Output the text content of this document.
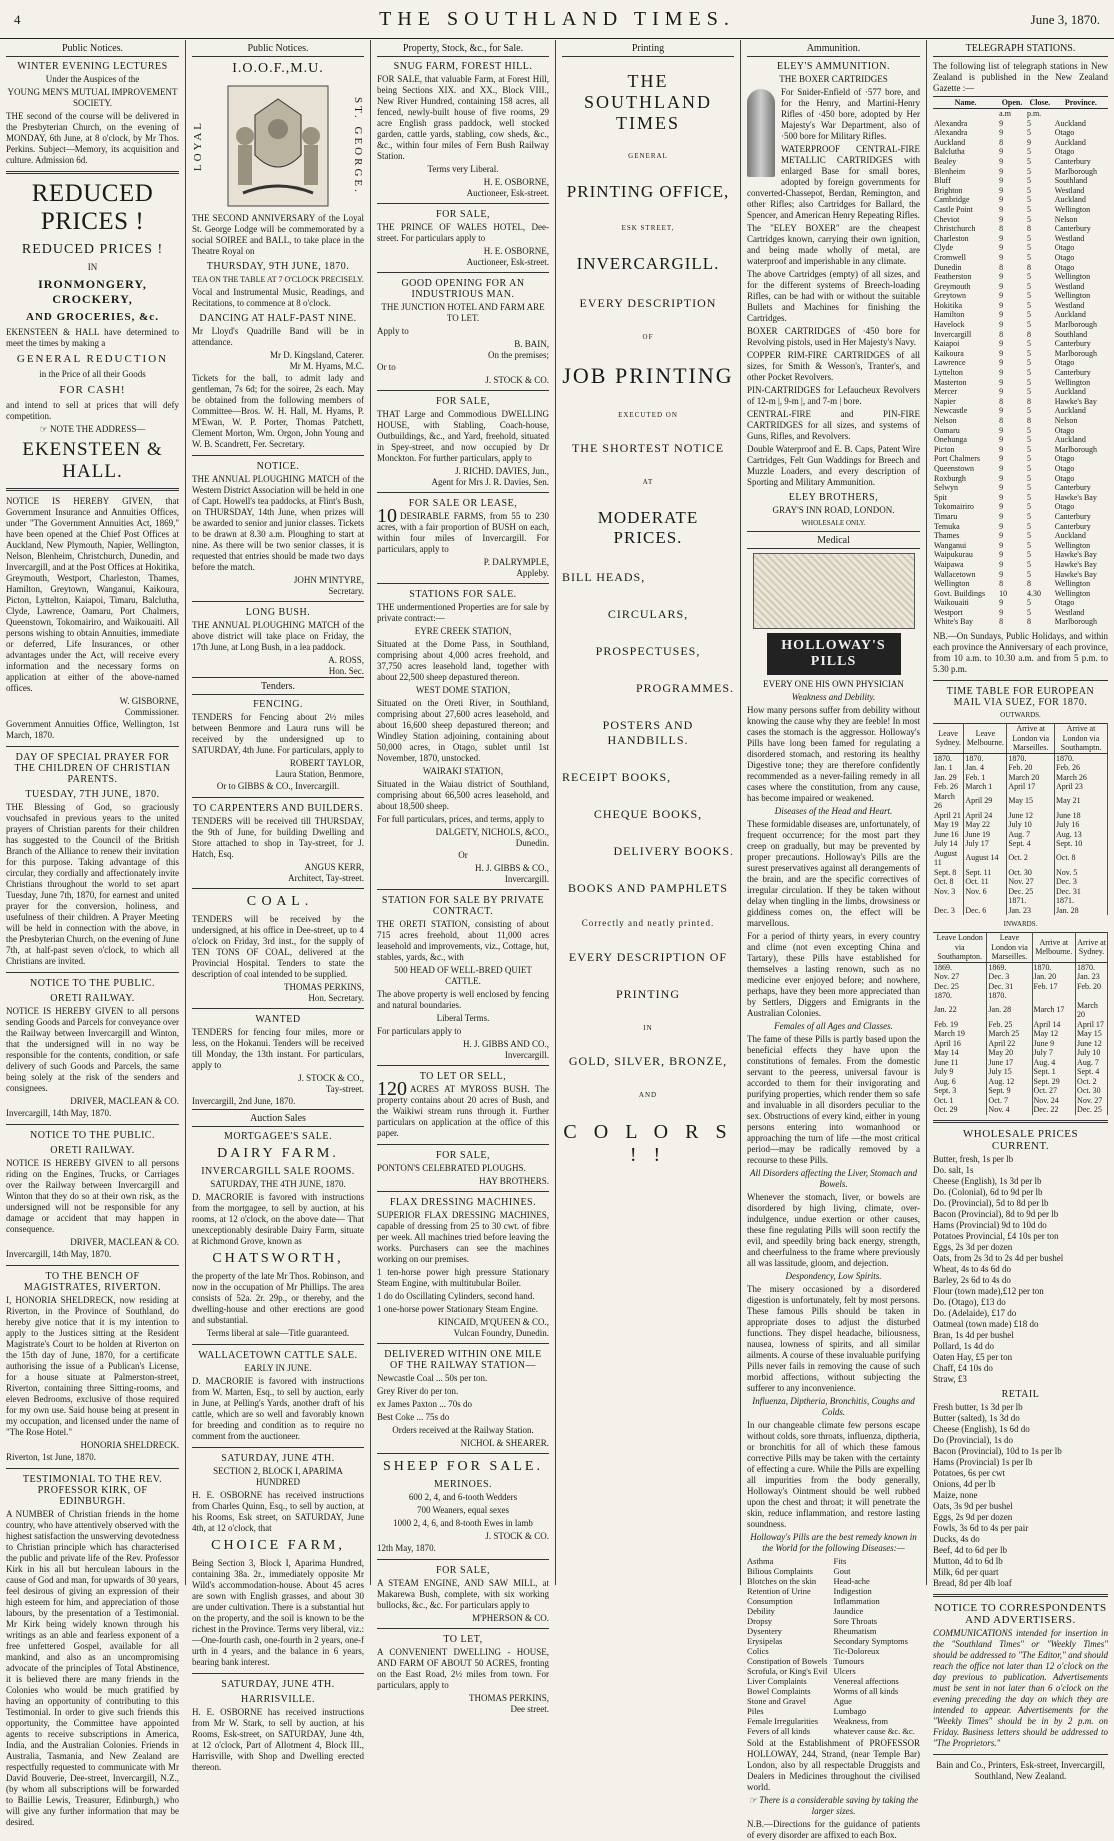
4	THE SOUTHLAND TIMES.	June 3, 1870.
Public Notices.
WINTER EVENING LECTURES
Under the Auspices of the
YOUNG MEN'S MUTUAL IMPROVEMENT SOCIETY.
THE second of the course will be delivered in the Presbyterian Church, on the evening of MONDAY, 6th June, at 8 o'clock, by Mr Thos. Perkins. Subject—Memory, its acquisition and culture. Admission 6d.
REDUCED PRICES !
REDUCED PRICES !
IN
IRONMONGERY, CROCKERY,
AND GROCERIES, &c.
EKENSTEEN & HALL have determined to meet the times by making a
GENERAL REDUCTION
in the Price of all their Goods
FOR CASH!
and intend to sell at prices that will defy competition.
☞ NOTE THE ADDRESS—
EKENSTEEN & HALL.
NOTICE IS HEREBY GIVEN, that Government Insurance and Annuities Offices, under "The Government Annuities Act, 1869," have been opened at the Chief Post Offices at Auckland, New Plymouth, Napier, Wellington, Nelson, Blenheim, Christchurch, Dunedin, and Invercargill, and at the Post Offices at Hokitika, Greymouth, Westport, Charleston, Thames, Hamilton, Greytown, Wanganui, Kaikoura, Picton, Lyttelton, Kaiapoi, Timaru, Balclutha, Clyde, Lawrence, Oamaru, Port Chalmers, Queenstown, Tokomairiro, and Waikouaiti. All persons wishing to obtain Annuities, immediate or deferred, Life Insurances, or other advantages under the Act, will receive every information and the necessary forms on application at either of the above-named offices.
W. GISBORNE,
Commissioner.
Government Annuities Office, Wellington, 1st March, 1870.
DAY OF SPECIAL PRAYER FOR THE CHILDREN OF CHRISTIAN PARENTS.
TUESDAY, 7TH JUNE, 1870.
THE Blessing of God, so graciously vouchsafed in previous years to the united prayers of Christian parents for their children has suggested to the Council of the British Branch of the Alliance to renew their invitation for this purpose. Taking advantage of this circular, they cordially and affectionately invite Christians throughout the world to set apart Tuesday, June 7th, 1870, for earnest and united prayer for the conversion, holiness, and usefulness of their children. A Prayer Meeting will be held in connection with the above, in the Presbyterian Church, on the evening of June 7th, at half-past seven o'clock, to which all Christians are invited.
NOTICE TO THE PUBLIC.
ORETI RAILWAY.
NOTICE IS HEREBY GIVEN to all persons sending Goods and Parcels for conveyance over the Railway between Invercargill and Winton, that the undersigned will in no way be responsible for the contents, condition, or safe delivery of such Goods and Parcels, the same being solely at the risk of the senders and consignees.
DRIVER, MACLEAN & CO.
Invercargill, 14th May, 1870.
NOTICE TO THE PUBLIC.
ORETI RAILWAY.
NOTICE IS HEREBY GIVEN to all persons riding on the Engines, Trucks, or Carriages over the Railway between Invercargill and Winton that they do so at their own risk, as the undersigned will not be responsible for any damage or accident that may happen in consequence.
DRIVER, MACLEAN & CO.
Invercargill, 14th May, 1870.
TO THE BENCH OF MAGISTRATES, RIVERTON.
I, HONORIA SHELDRECK, now residing at Riverton, in the Province of Southland, do hereby give notice that it is my intention to apply to the Justices sitting at the Resident Magistrate's Court to be holden at Riverton on the 15th day of June, 1870, for a certificate authorising the issue of a Publican's License, for a house situate at Palmerston-street, Riverton, containing three Sitting-rooms, and eleven Bedrooms, exclusive of those required for my own use. Said house being at present in my occupation, and licensed under the name of "The Rose Hotel."
HONORIA SHELDRECK.
Riverton, 1st June, 1870.
TESTIMONIAL TO THE REV. PROFESSOR KIRK, OF EDINBURGH.
A NUMBER of Christian friends in the home country, who have attentively observed with the highest satisfaction the unswerving devotedness to Christian principle which has characterised the public and private life of the Rev. Professor Kirk in his all but herculean labours in the cause of God and man, for upwards of 30 years, feel desirous of giving an expression of their high esteem for him, and appreciation of those labours, by the presentation of a Testimonial. Mr Kirk being widely known through his writings as an able and fearless exponent of a free unfettered Gospel, available for all mankind, and also as an uncompromising advocate of the principles of Total Abstinence, it is believed there are many friends in the Colonies who would be much gratified by having an opportunity of contributing to this Testimonial. In order to give such friends this opportunity, the Committee have appointed agents to receive subscriptions in America, India, and the Australian Colonies. Friends in Australia, Tasmania, and New Zealand are respectfully requested to communicate with Mr David Bouverie, Dee-street, Invercargill, N.Z., (by whom all subscriptions will be forwarded to Baillie Lewis, Treasurer, Edinburgh,) who will give any further information that may be desired.
Public Notices.
I.O.O.F.,M.U.
LOYAL	ST. GEORGE.
THE SECOND ANNIVERSARY of the Loyal St. George Lodge will be commemorated by a social SOIREE and BALL, to take place in the Theatre Royal on
THURSDAY, 9TH JUNE, 1870.
TEA ON THE TABLE AT 7 O'CLOCK PRECISELY.
Vocal and Instrumental Music, Readings, and Recitations, to commence at 8 o'clock.
DANCING AT HALF-PAST NINE.
Mr Lloyd's Quadrille Band will be in attendance.
Mr D. Kingsland, Caterer.
Mr M. Hyams, M.C.
Tickets for the ball, to admit lady and gentleman, 7s 6d; for the soiree, 2s each. May be obtained from the following members of Committee—Bros. W. H. Hall, M. Hyams, P. M'Ewan, W. P. Porter, Thomas Patchett, Clement Morton, Wm. Orgon, John Young and W. B. Scandrett, Fer. Secretary.
NOTICE.
THE ANNUAL PLOUGHING MATCH of the Western District Association will be held in one of Capt. Howell's tea paddocks, at Flint's Bush, on THURSDAY, 14th June, when prizes will be awarded to senior and junior classes. Tickets to be drawn at 8.30 a.m. Ploughing to start at nine. As there will be two senior classes, it is requested that entries should be made two days before the match.
JOHN M'INTYRE,
Secretary.
LONG BUSH.
THE ANNUAL PLOUGHING MATCH of the above district will take place on Friday, the 17th June, at Long Bush, in a lea paddock.
A. ROSS,
Hon. Sec.
Tenders.
FENCING.
TENDERS for Fencing about 2½ miles between Benmore and Laura runs will be received by the undersigned up to SATURDAY, 4th June. For particulars, apply to
ROBERT TAYLOR,
Laura Station, Benmore,
Or to GIBBS & CO., Invercargill.
TO CARPENTERS AND BUILDERS.
TENDERS will be received till THURSDAY, the 9th of June, for building Dwelling and Store attached to shop in Tay-street, for J. Hatch, Esq.
ANGUS KERR,
Architect, Tay-street.
C O A L .
TENDERS will be received by the undersigned, at his office in Dee-street, up to 4 o'clock on Friday, 3rd inst., for the supply of TEN TONS OF COAL, delivered at the Provincial Hospital. Tenders to state the description of coal intended to be supplied.
THOMAS PERKINS,
Hon. Secretary.
WANTED
TENDERS for fencing four miles, more or less, on the Hokanui. Tenders will be received till Monday, the 13th instant. For particulars, apply to
J. STOCK & CO.,
Tay-street.
Invercargill, 2nd June, 1870.
Auction Sales
MORTGAGEE'S SALE.
DAIRY FARM.
INVERCARGILL SALE ROOMS.
SATURDAY, THE 4TH JUNE, 1870.
D. MACRORIE is favored with instructions from the mortgagee, to sell by auction, at his rooms, at 12 o'clock, on the above date— That unexceptionably desirable Dairy Farm, situate at Richmond Grove, known as
CHATSWORTH,
the property of the late Mr Thos. Robinson, and now in the occupation of Mr Phillips. The area consists of 52a. 2r. 29p., or thereby, and the dwelling-house and other erections are good and substantial.
Terms liberal at sale—Title guaranteed.
WALLACETOWN CATTLE SALE.
EARLY IN JUNE.
D. MACRORIE is favored with instructions from W. Marten, Esq., to sell by auction, early in June, at Pelling's Yards, another draft of his cattle, which are so well and favorably known for breeding and condition as to require no comment from the auctioneer.
SATURDAY, JUNE 4TH.
SECTION 2, BLOCK I, APARIMA HUNDRED
H. E. OSBORNE has received instructions from Charles Quinn, Esq., to sell by auction, at his Rooms, Esk street, on SATURDAY, June 4th, at 12 o'clock, that
CHOICE FARM,
Being Section 3, Block I, Aparima Hundred, containing 38a. 2r., immediately opposite Mr Wild's accommodation-house. About 45 acres are sown with English grasses, and about 30 are under cultivation. There is a substantial hut on the property, and the soil is known to be the richest in the Province. Terms very liberal, viz.:—One-fourth cash, one-fourth in 2 years, one-f urth in 4 years, and the balance in 6 years, bearing bank interest.
SATURDAY, JUNE 4TH.
HARRISVILLE.
H. E. OSBORNE has received instructions from Mr W. Stark, to sell by auction, at his Rooms, Esk-street, on SATURDAY, June 4th, at 12 o'clock, Part of Allotment 4, Block III., Harrisville, with Shop and Dwelling erected thereon.
Property, Stock, &c., for Sale.
SNUG FARM, FOREST HILL.
FOR SALE, that valuable Farm, at Forest Hill, being Sections XIX. and XX., Block VIII., New River Hundred, containing 158 acres, all fenced, newly-built house of five rooms, 29 acre English grass paddock, well stocked garden, cattle yards, stabling, cow sheds, &c., &c., within four miles of Fern Bush Railway Station.
Terms very Liberal.
H. E. OSBORNE,
Auctioneer, Esk-street.
FOR SALE,
THE PRINCE OF WALES HOTEL, Dee-street. For particulars apply to
H. E. OSBORNE,
Auctioneer, Esk-street.
GOOD OPENING FOR AN INDUSTRIOUS MAN.
THE JUNCTION HOTEL AND FARM ARE TO LET.
Apply to
B. BAIN,
On the premises;
Or to
J. STOCK & CO.
FOR SALE,
THAT Large and Commodious DWELLING HOUSE, with Stabling, Coach-house, Outbuildings, &c., and Yard, freehold, situated in Spey-street, and now occupied by Dr Monckton. For further particulars, apply to
J. RICHD. DAVIES, Jun.,
Agent for Mrs J. R. Davies, Sen.
FOR SALE OR LEASE,
10 DESIRABLE FARMS, from 55 to 230 acres, with a fair proportion of BUSH on each, within four miles of Invercargill. For particulars, apply to
P. DALRYMPLE,
Appleby.
STATIONS FOR SALE.
THE undermentioned Properties are for sale by private contract:—
EYRE CREEK STATION,
Situated at the Dome Pass, in Southland, comprising about 4,000 acres freehold, and 37,750 acres leasehold land, together with about 22,500 sheep depastured thereon.
WEST DOME STATION,
Situated on the Oreti River, in Southland, comprising about 27,600 acres leasehold, and about 16,600 sheep depastured thereon; and Windley Station adjoining, containing about 50,000 acres, in Otago, sublet until 1st November, 1870, unstocked.
WAIRAKI STATION,
Situated in the Waiau district of Southland, comprising about 66,500 acres leasehold, and about 18,500 sheep.
For full particulars, prices, and terms, apply to
DALGETY, NICHOLS, &CO.,
Dunedin.
Or
H. J. GIBBS & CO.,
Invercargill.
STATION FOR SALE BY PRIVATE CONTRACT.
THE ORETI STATION, consisting of about 715 acres freehold, about 11,000 acres leasehold and improvements, viz., Cottage, hut, stables, yards, &c., with
500 HEAD OF WELL-BRED QUIET CATTLE.
The above property is well enclosed by fencing and natural boundaries.
Liberal Terms.
For particulars apply to
H. J. GIBBS AND CO.,
Invercargill.
TO LET OR SELL,
120 ACRES AT MYROSS BUSH. The property contains about 20 acres of Bush, and the Waikiwi stream runs through it. Further particulars on application at the office of this paper.
FOR SALE,
PONTON'S CELEBRATED PLOUGHS.
HAY BROTHERS.
FLAX DRESSING MACHINES.
SUPERIOR FLAX DRESSING MACHINES, capable of dressing from 25 to 30 cwt. of fibre per week. All machines tried before leaving the works. Purchasers can see the machines working on our premises.
1 ten-horse power high pressure Stationary Steam Engine, with multitubular Boiler.
1 do do Oscillating Cylinders, second hand.
1 one-horse power Stationary Steam Engine.
KINCAID, M'QUEEN & CO.,
Vulcan Foundry, Dunedin.
DELIVERED WITHIN ONE MILE OF THE RAILWAY STATION—
Newcastle Coal ... 50s per ton.
Grey River do per ton.
ex James Paxton ... 70s do
Best Coke ... 75s do
Orders received at the Railway Station.
NICHOL & SHEARER.
SHEEP FOR SALE.
MERINOES.
600 2, 4, and 6-tooth Wedders
700 Weaners, equal sexes
1000 2, 4, 6, and 8-tooth Ewes in lamb
J. STOCK & CO.
12th May, 1870.
FOR SALE,
A STEAM ENGINE, AND SAW MILL, at Makarewa Bush, complete, with six working bullocks, &c., &c. For particulars apply to
M'PHERSON & CO.
TO LET,
A CONVENIENT DWELLING - HOUSE, AND FARM OF ABOUT 50 ACRES, fronting on the East Road, 2½ miles from town. For particulars, apply to
THOMAS PERKINS,
Dee street.
Printing
THE SOUTHLAND TIMES
GENERAL
PRINTING OFFICE,
ESK STREET,
INVERCARGILL.
EVERY DESCRIPTION
OF
JOB PRINTING
EXECUTED ON
THE SHORTEST NOTICE
AT
MODERATE PRICES.
BILL HEADS,
CIRCULARS,
PROSPECTUSES,
PROGRAMMES.
POSTERS AND HANDBILLS.
RECEIPT BOOKS,
CHEQUE BOOKS,
DELIVERY BOOKS.
BOOKS AND PAMPHLETS
Correctly and neatly printed.
EVERY DESCRIPTION OF
PRINTING
IN
GOLD, SILVER, BRONZE,
AND
C O L O R S ! !
Ammunition.
ELEY'S AMMUNITION.
THE BOXER CARTRIDGES
For Snider-Enfield of ·577 bore, and for the Henry, and Martini-Henry Rifles of ·450 bore, adopted by Her Majesty's War Department, also of ·500 bore for Military Rifles.
WATERPROOF CENTRAL-FIRE METALLIC CARTRIDGES with enlarged Base for small bores, adopted by foreign governments for converted-Chassepot, Berdan, Remington, and other Rifles; also Cartridges for Ballard, the Spencer, and American Henry Repeating Rifles.
The "ELEY BOXER" are the cheapest Cartridges known, carrying their own ignition, and being made wholly of metal, are waterproof and imperishable in any climate.
The above Cartridges (empty) of all sizes, and for the different systems of Breech-loading Rifles, can be had with or without the suitable Bullets and Machines for finishing the Cartridges.
BOXER CARTRIDGES of ·450 bore for Revolving pistols, used in Her Majesty's Navy.
COPPER RIM-FIRE CARTRIDGES of all sizes, for Smith & Wesson's, Tranter's, and other Pocket Revolvers.
PIN-CARTRIDGES for Lefaucheux Revolvers of 12-m |, 9-m |, and 7-m | bore.
CENTRAL-FIRE and PIN-FIRE CARTRIDGES for all sizes, and systems of Guns, Rifles, and Revolvers.
Double Waterproof and E. B. Caps, Patent Wire Cartridges, Felt Gun Waddings for Breech and Muzzle Loaders, and every description of Sporting and Military Ammunition.
ELEY BROTHERS,
GRAY'S INN ROAD, LONDON.
WHOLESALE ONLY.
Medical
HOLLOWAY'S PILLS
EVERY ONE HIS OWN PHYSICIAN
Weakness and Debility.
How many persons suffer from debility without knowing the cause why they are feeble! In most cases the stomach is the aggressor. Holloway's Pills have long been famed for regulating a disordered stomach, and restoring its healthy Digestive tone; they are therefore confidently recommended as a never-failing remedy in all cases where the constitution, from any cause, has become impaired or weakened.
Diseases of the Head and Heart.
These formidable diseases are, unfortunately, of frequent occurrence; for the most part they creep on gradually, but may be prevented by proper precautions. Holloway's Pills are the surest preservatives against all derangements of the brain, and are the specific correctives of irregular circulation. If they be taken without delay when tingling in the limbs, drowsiness or giddiness comes on, the effect will be marvellous.
For a period of thirty years, in every country and clime (not even excepting China and Tartary), these Pills have established for themselves a lasting renown, such as no medicine ever enjoyed before; and nowhere, perhaps, have they been more appreciated than by Settlers, Diggers and Emigrants in the Australian Colonies.
Females of all Ages and Classes.
The fame of these Pills is partly based upon the beneficial effects they have upon the constitutions of females. From the domestic servant to the peeress, universal favour is accorded to them for their invigorating and purifying properties, which render them so safe and invaluable in all disorders peculiar to the sex. Obstructions of every kind, either in young persons entering into womanhood or approaching the turn of life —the most critical period—may be radically removed by a recourse to these Pills.
All Disorders affecting the Liver, Stomach and Bowels.
Whenever the stomach, liver, or bowels are disordered by high living, climate, over-indulgence, undue exertion or other causes, these fine regulating Pills will soon rectify the evil, and speedily bring back energy, strength, and cheerfulness to the frame where previously all was lassitude, gloom, and dejection.
Despondency, Low Spirits.
The misery occasioned by a disordered digestion is unfortunately, felt by most persons. These famous Pills should be taken in appropriate doses to adjust the disturbed functions. They dispel headache, biliousness, nausea, lowness of spirits, and all similar ailments. A course of these invaluable purifying Pills never fails in removing the cause of such morbid affections, without subjecting the sufferer to any inconvenience.
Influenza, Diptheria, Bronchitis, Coughs and Colds.
In our changeable climate few persons escape without colds, sore throats, influenza, diptheria, or bronchitis for all of which these famous corrective Pills may be taken with the certainty of effecting a cure. While the Pills are expelling all impurities from the body generally, Holloway's Ointment should be well rubbed upon the chest and throat; it will penetrate the skin, reduce inflammation, and restore lasting soundness.
Holloway's Pills are the best remedy known in the World for the following Diseases:—
Asthma
Bilious Complaints
Blotches on the skin
Retention of Urine
Consumption
Debility
Dropsy
Dysentery
Erysipelas
Colics
Constipation of Bowels
Scrofula, or King's Evil
Liver Complaints
Bowel Complaints
Stone and Gravel
Piles
Female Irregularities
Fevers of all kinds
Fits
Gout
Head-ache
Indigestion
Inflammation
Jaundice
Sore Throats
Rheumatism
Secondary Symptoms
Tic-Doloreux
Tumours
Ulcers
Venereal affections
Worms of all kinds
Ague
Lumbago
Weakness, from whatever cause &c. &c.
Sold at the Establishment of PROFESSOR HOLLOWAY, 244, Strand, (near Temple Bar) London, also by all respectable Druggists and Dealers in Medicines throughout the civilised world.
☞ There is a considerable saving by taking the larger sizes.
N.B.—Directions for the guidance of patients of every disorder are affixed to each Box.
TELEGRAPH STATIONS.
The following list of telegraph stations in New Zealand is published in the New Zealand Gazette :—
Name.	Open.	Close.	Province.
	a.m	p.m.	
Alexandra	9	5	Auckland
Alexandra	9	5	Otago
Auckland	8	9	Auckland
Balclutha	9	5	Otago
Bealey	9	5	Canterbury
Blenheim	9	5	Marlborough
Bluff	9	5	Southland
Brighton	9	5	Westland
Cambridge	9	5	Auckland
Castle Point	9	5	Wellington
Cheviot	9	5	Nelson
Christchurch	8	8	Canterbury
Charleston	9	5	Westland
Clyde	9	5	Otago
Cromwell	9	5	Otago
Dunedin	8	8	Otago
Featherston	9	5	Wellington
Greymouth	9	5	Westland
Greytown	9	5	Wellington
Hokitika	9	5	Westland
Hamilton	9	5	Auckland
Havelock	9	5	Marlborough
Invercargill	8	8	Southland
Kaiapoi	9	5	Canterbury
Kaikoura	9	5	Marlborough
Lawrence	9	5	Otago
Lyttelton	9	5	Canterbury
Masterton	9	5	Wellington
Mercer	9	5	Auckland
Napier	8	8	Hawke's Bay
Newcastle	9	5	Auckland
Nelson	8	8	Nelson
Oamaru	9	5	Otago
Onehunga	9	5	Auckland
Picton	9	5	Marlborough
Port Chalmers	9	5	Otago
Queenstown	9	5	Otago
Roxburgh	9	5	Otago
Selwyn	9	5	Canterbury
Spit	9	5	Hawke's Bay
Tokomairiro	9	5	Otago
Timaru	9	5	Canterbury
Temuka	9	5	Canterbury
Thames	9	5	Auckland
Wanganui	9	5	Wellington
Waipukurau	9	5	Hawke's Bay
Waipawa	9	5	Hawke's Bay
Wallacetown	9	5	Hawke's Bay
Wellington	8	8	Wellington
Govt. Buildings	10	4.30	Wellington
Waikouaiti	9	5	Otago
Westport	9	5	Westland
White's Bay	8	8	Marlborough
NB.—On Sundays, Public Holidays, and within each province the Anniversary of each province, from 10 a.m. to 10.30 a.m. and from 5 p.m. to 5.30 p.m.
TIME TABLE FOR EUROPEAN MAIL VIA SUEZ, FOR 1870.
OUTWARDS.
Leave Sydney.	Leave Melbourne.	Arrive at London via Marseilles.	Arrive at London via Southamptn.
1870.	1870.	1870.	1870.
Jan. 1	Jan. 4	Feb. 20	Feb. 26
Jan. 29	Feb. 1	March 20	March 26
Feb. 26	March 1	April 17	April 23
March 26	April 29	May 15	May 21
April 21	April 24	June 12	June 18
May 19	May 22	July 10	July 16
June 16	June 19	Aug. 7	Aug. 13
July 14	July 17	Sept. 4	Sept. 10
August 11	August 14	Oct. 2	Oct. 8
Sept. 8	Sept. 11	Oct. 30	Nov. 5
Oct. 8	Oct. 11	Nov. 27	Dec. 3
Nov. 3	Nov. 6	Dec. 25	Dec. 31
		1871.	1871.
Dec. 3	Dec. 6	Jan. 23	Jan. 28
INWARDS.
Leave London via Southampton.	Leave London via Marseilles.	Arrive at Melbourne.	Arrive at Sydney.
1869.	1869.	1870.	1870.
Nov. 27	Dec. 3	Jan. 20	Jan. 23
Dec. 25	Dec. 31	Feb. 17	Feb. 20
1870.	1870.		
Jan. 22	Jan. 28	March 17	March 20
Feb. 19	Feb. 25	April 14	April 17
March 19	March 25	May 12	May 15
April 16	April 22	June 9	June 12
May 14	May 20	July 7	July 10
June 11	June 17	Aug. 4	Aug. 7
July 9	July 15	Sept. 1	Sept. 4
Aug. 6	Aug. 12	Sept. 29	Oct. 2
Sept. 3	Sept. 9	Oct. 27	Oct. 30
Oct. 1	Oct. 7	Nov. 24	Nov. 27
Oct. 29	Nov. 4	Dec. 22	Dec. 25
WHOLESALE PRICES CURRENT.
Butter, fresh, 1s per lb
Do. salt, 1s
Cheese (English), 1s 3d per lb
Do. (Colonial), 6d to 9d per lb
Do. (Provincial), 5d to 8d per lb
Bacon (Provincial), 8d to 9d per lb
Hams (Provincial) 9d to 10d do
Potatoes Provincial, £4 10s per ton
Eggs, 2s 3d per dozen
Oats, from 2s 3d to 2s 4d per bushel
Wheat, 4s to 4s 6d do
Barley, 2s 6d to 4s do
Flour (town made),£12 per ton
Do. (Otago), £13 do
Do. (Adelaide), £17 do
Oatmeal (town made) £18 do
Bran, 1s 4d per bushel
Pollard, 1s 4d do
Oaten Hay, £5 per ton
Chaff, £4 10s do
Straw, £3
RETAIL
Fresh butter, 1s 3d per lb
Butter (salted), 1s 3d do
Cheese (English), 1s 6d do
Do (Provincial), 1s do
Bacon (Provincial), 10d to 1s per lb
Hams (Provincial) 1s per lb
Potatoes, 6s per cwt
Onions, 4d per lb
Maize, none
Oats, 3s 9d per bushel
Eggs, 2s 9d per dozen
Fowls, 3s 6d to 4s per pair
Ducks, 4s do
Beef, 4d to 6d per lb
Mutton, 4d to 6d lb
Milk, 6d per quart
Bread, 8d per 4lb loaf
NOTICE TO CORRESPONDENTS AND ADVERTISERS.
COMMUNICATIONS intended for insertion in the "Southland Times" or "Weekly Times" should be addressed to "The Editor," and should reach the office not later than 12 o'clock on the day previous to publication. Advertisements must be sent in not later than 6 o'clock on the evening preceding the day on which they are intended to appear. Advertisements for the "Weekly Times" should be in by 2 p.m. on Friday. Business letters should be addressed to "The Proprietors."
Bain and Co., Printers, Esk-street, Invercargill, Southland, New Zealand.
